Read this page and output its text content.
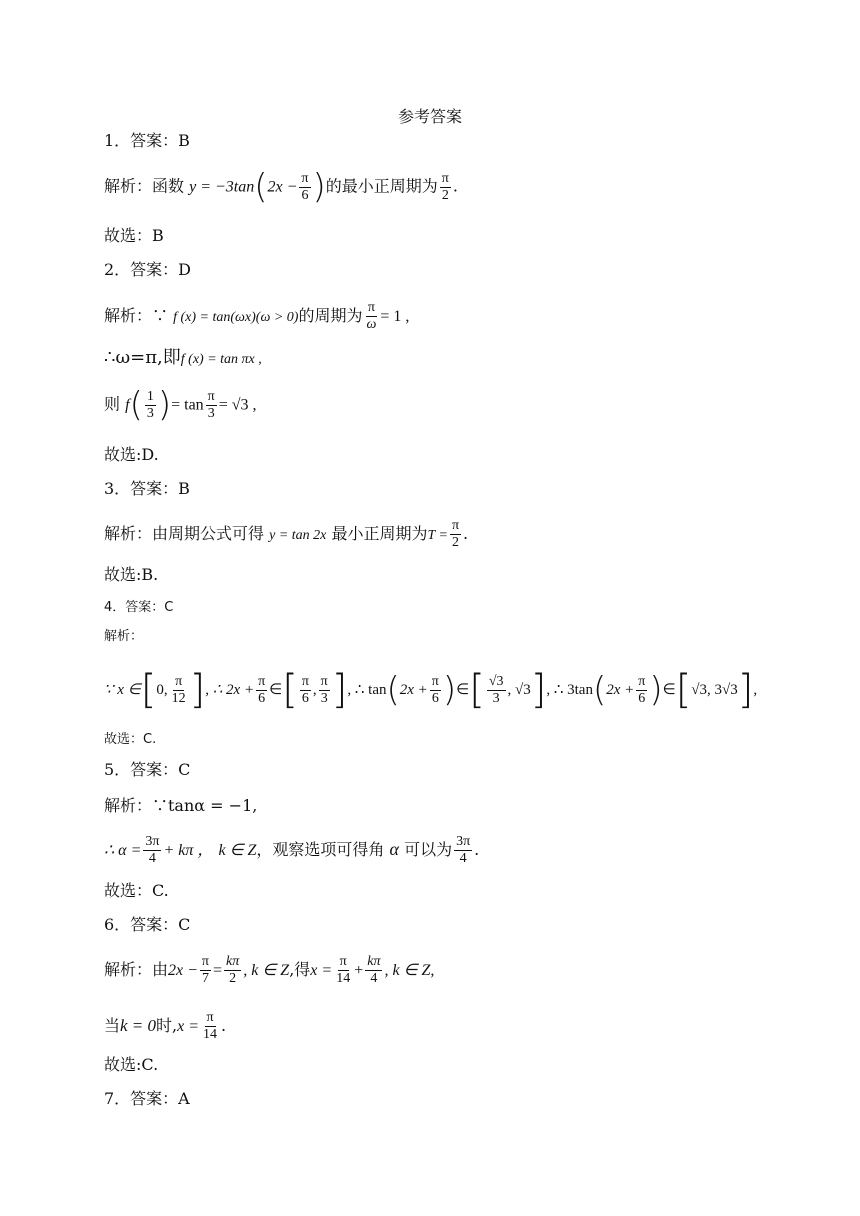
参考答案
1．答案：B
解析：函数 $y = -3\tan(2x - \frac{\pi}{6}$ )的最小正周期为 $\frac{\pi}{2}$ .
故选：B
2．答案：D
解析：∵ f (x) = tan(ωx)(ω > 0)的周期为 $\frac{\pi}{\omega} = 1$ ,
∴ω=π,即f (x) = tan πx ,
则 $f( \frac{1}{3}$ )= $\tan \frac{\pi}{3} = √3$ ,
故选:D.
3．答案：B
解析：由周期公式可得 y = tan 2x 最小正周期为$T = \frac{\pi}{2}$ .
故选:B.
4．答案：C
解析：
∵ x ∈[0, $\frac{\pi}{12}$ ], ∴ $2x + \frac{\pi}{6}$ ∈[ $\frac{\pi}{6}$ , $\frac{\pi}{3}$ ], ∴ $\tan(2x + \frac{\pi}{6}$ )∈[ $\frac{√3}{3}$ , √3], ∴ $3\tan(2x + \frac{\pi}{6}$ )∈[√3, 3√3],
故选：C.
5．答案：C
解析：∵tanα = −1,
∴ $\alpha = \frac{3\pi}{4} + k\pi$ ， k ∈ Z，观察选项可得角 α 可以为 $\frac{3\pi}{4}$ .
故选：C.
6．答案：C
解析：由$2x - \frac{\pi}{7} = \frac{k\pi}{2}$ , k ∈ Z,得$x = \frac{\pi}{14} + \frac{k\pi}{4}$ , k ∈ Z,
当k = 0时$,x = \frac{\pi}{14}$ .
故选:C.
7．答案：A
